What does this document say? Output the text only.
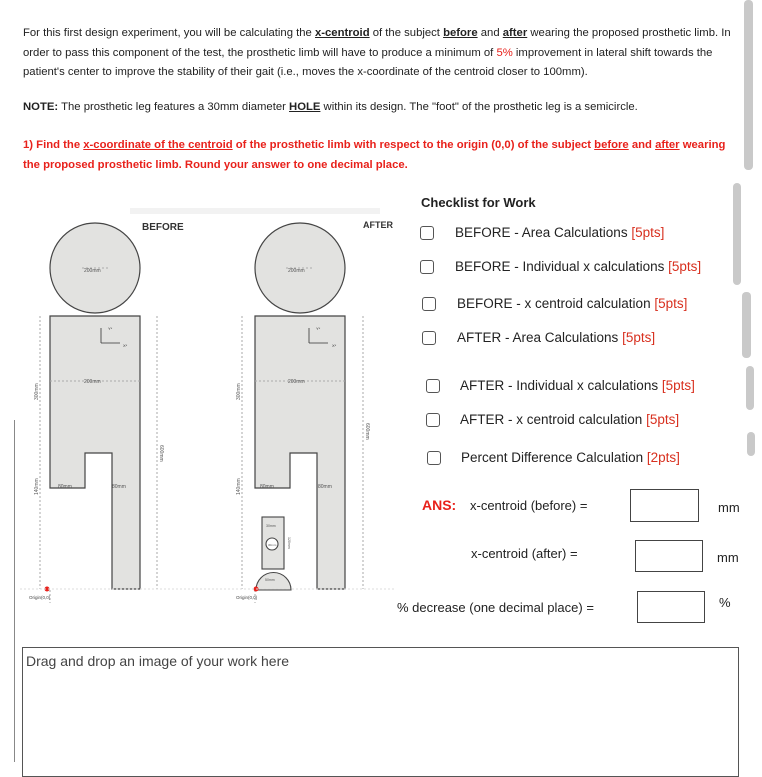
For this first design experiment, you will be calculating the x-centroid of the subject before and after wearing the proposed prosthetic limb. In order to pass this component of the test, the prosthetic limb will have to produce a minimum of 5% improvement in lateral shift towards the patient's center to improve the stability of their gait (i.e., moves the x-coordinate of the centroid closer to 100mm).
NOTE: The prosthetic leg features a 30mm diameter HOLE within its design. The "foot" of the prosthetic leg is a semicircle.
1) Find the x-coordinate of the centroid of the prosthetic limb with respect to the origin (0,0) of the subject before and after wearing the proposed prosthetic limb. Round your answer to one decimal place.
BEFORE	AFTER
200mm
200mm
80mm	80mm
300mm
140mm
600mm
Y*
X*
Origin(0,0)
200mm
200mm
80mm	80mm
30mm
30mm
120mm
50mm
300mm
140mm
600mm
Y*
X*
Origin(0,0)
Checklist for Work
BEFORE - Area Calculations [5pts]
BEFORE - Individual x calculations [5pts]
BEFORE - x centroid calculation [5pts]
AFTER - Area Calculations [5pts]
AFTER - Individual x calculations [5pts]
AFTER - x centroid calculation [5pts]
Percent Difference Calculation [2pts]
ANS: x-centroid (before) =	mm
x-centroid (after) =	mm
% decrease (one decimal place) =	%
Drag and drop an image of your work here
